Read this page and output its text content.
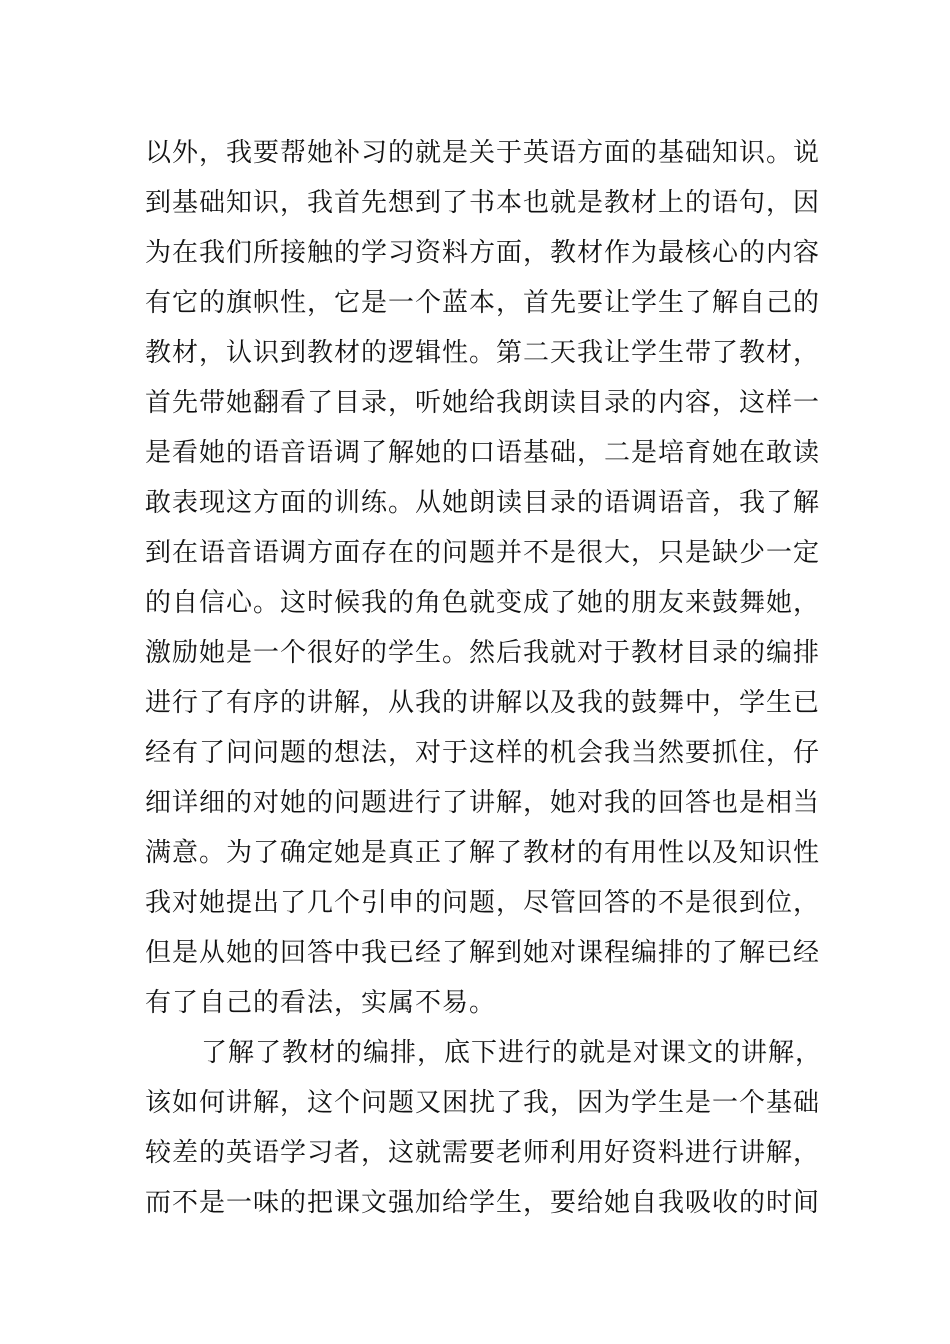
以外，我要帮她补习的就是关于英语方面的基础知识。说
到基础知识，我首先想到了书本也就是教材上的语句，因
为在我们所接触的学习资料方面，教材作为最核心的内容
有它的旗帜性，它是一个蓝本，首先要让学生了解自己的
教材，认识到教材的逻辑性。第二天我让学生带了教材，
首先带她翻看了目录，听她给我朗读目录的内容，这样一
是看她的语音语调了解她的口语基础，二是培育她在敢读
敢表现这方面的训练。从她朗读目录的语调语音，我了解
到在语音语调方面存在的问题并不是很大，只是缺少一定
的自信心。这时候我的角色就变成了她的朋友来鼓舞她，
激励她是一个很好的学生。然后我就对于教材目录的编排
进行了有序的讲解，从我的讲解以及我的鼓舞中，学生已
经有了问问题的想法，对于这样的机会我当然要抓住，仔
细详细的对她的问题进行了讲解，她对我的回答也是相当
满意。为了确定她是真正了解了教材的有用性以及知识性
我对她提出了几个引申的问题，尽管回答的不是很到位，
但是从她的回答中我已经了解到她对课程编排的了解已经
有了自己的看法，实属不易。
了解了教材的编排，底下进行的就是对课文的讲解，
该如何讲解，这个问题又困扰了我，因为学生是一个基础
较差的英语学习者，这就需要老师利用好资料进行讲解，
而不是一味的把课文强加给学生，要给她自我吸收的时间
